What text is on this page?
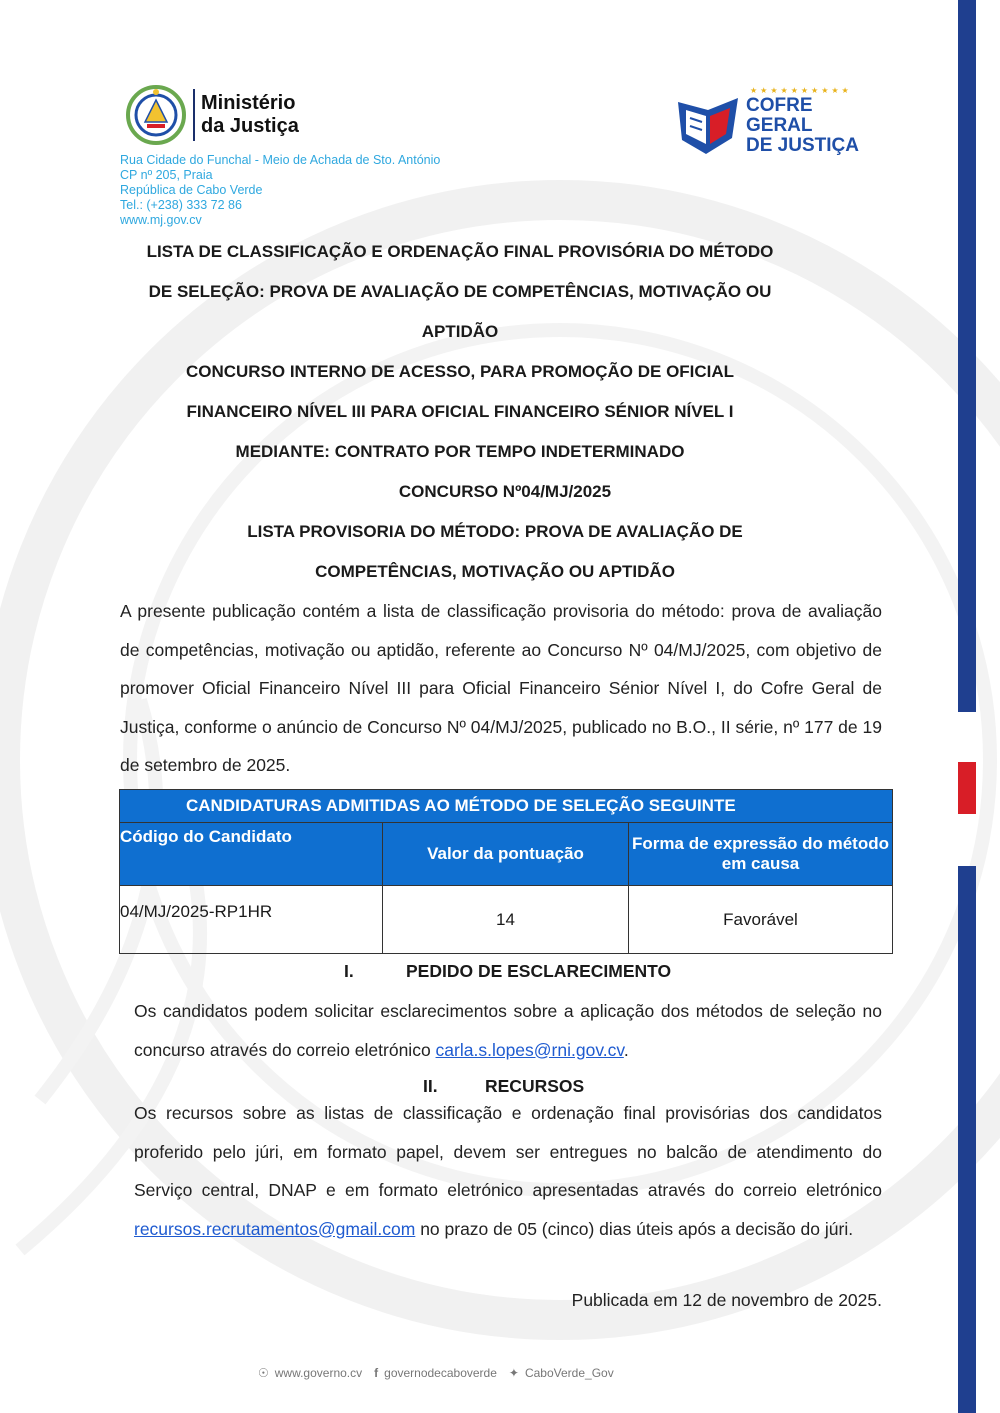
Ministério
da Justiça
★★★★★★★★★★
COFRE GERAL
DE JUSTIÇA
Rua Cidade do Funchal - Meio de Achada de Sto. António
CP nº 205, Praia
República de Cabo Verde
Tel.: (+238) 333 72 86
www.mj.gov.cv
LISTA DE CLASSIFICAÇÃO E ORDENAÇÃO FINAL PROVISÓRIA DO MÉTODO
DE SELEÇÃO: PROVA DE AVALIAÇÃO DE COMPETÊNCIAS, MOTIVAÇÃO OU
APTIDÃO
CONCURSO INTERNO DE ACESSO, PARA PROMOÇÃO DE OFICIAL
FINANCEIRO NÍVEL III PARA OFICIAL FINANCEIRO SÉNIOR NÍVEL I
MEDIANTE: CONTRATO POR TEMPO INDETERMINADO
CONCURSO Nº04/MJ/2025
LISTA PROVISORIA DO MÉTODO: PROVA DE AVALIAÇÃO DE
COMPETÊNCIAS, MOTIVAÇÃO OU APTIDÃO
A presente publicação contém a lista de classificação provisoria do método: prova de avaliação de competências, motivação ou aptidão, referente ao Concurso Nº 04/MJ/2025, com objetivo de promover Oficial Financeiro Nível III para Oficial Financeiro Sénior Nível I, do Cofre Geral de Justiça, conforme o anúncio de Concurso Nº 04/MJ/2025, publicado no B.O., II série, nº 177 de 19 de setembro de 2025.
CANDIDATURAS ADMITIDAS AO MÉTODO DE SELEÇÃO SEGUINTE		
Código do Candidato	Valor da pontuação	Forma de expressão do método em causa
04/MJ/2025-RP1HR	14	Favorável
I.	PEDIDO DE ESCLARECIMENTO
Os candidatos podem solicitar esclarecimentos sobre a aplicação dos métodos de seleção no concurso através do correio eletrónico carla.s.lopes@rni.gov.cv.
II.	RECURSOS
Os recursos sobre as listas de classificação e ordenação final provisórias dos candidatos proferido pelo júri, em formato papel, devem ser entregues no balcão de atendimento do Serviço central, DNAP e em formato eletrónico apresentadas através do correio eletrónico recursos.recrutamentos@gmail.com no prazo de 05 (cinco) dias úteis após a decisão do júri.
Publicada em 12 de novembro de 2025.
☉ www.governo.cv f governodecaboverde ✦ CaboVerde_Gov
